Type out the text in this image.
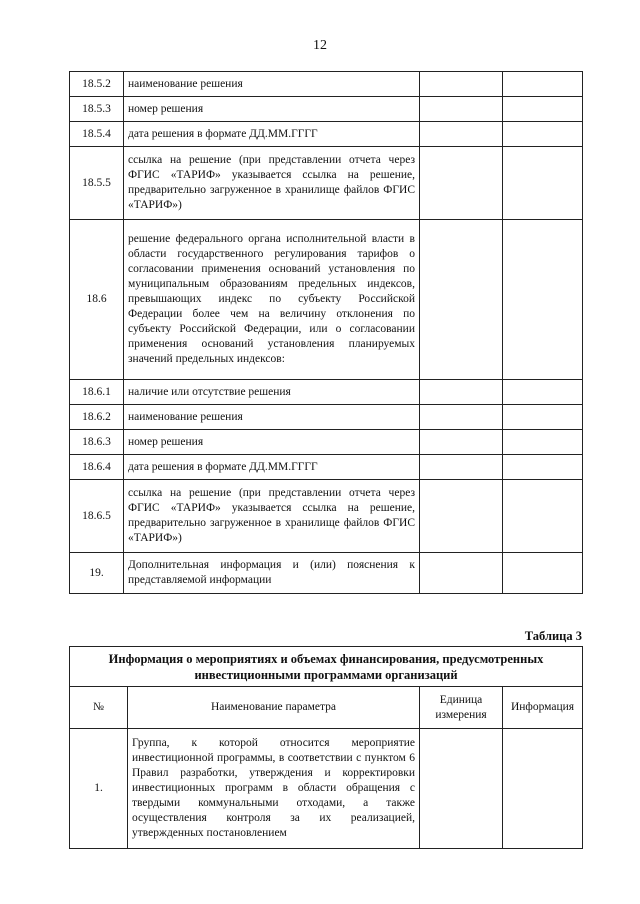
12
18.5.2	наименование решения		
18.5.3	номер решения		
18.5.4	дата решения в формате ДД.ММ.ГГГГ		
18.5.5	ссылка на решение (при представлении отчета через ФГИС «ТАРИФ» указывается ссылка на решение, предварительно загруженное в хранилище файлов ФГИС «ТАРИФ»)		
18.6	решение федерального органа исполнительной власти в области государственного регулирования тарифов о согласовании применения оснований установления по муниципальным образованиям предельных индексов, превышающих индекс по субъекту Российской Федерации более чем на величину отклонения по субъекту Российской Федерации, или о согласовании применения оснований установления планируемых значений предельных индексов:		
18.6.1	наличие или отсутствие решения		
18.6.2	наименование решения		
18.6.3	номер решения		
18.6.4	дата решения в формате ДД.ММ.ГГГГ		
18.6.5	ссылка на решение (при представлении отчета через ФГИС «ТАРИФ» указывается ссылка на решение, предварительно загруженное в хранилище файлов ФГИС «ТАРИФ»)		
19.	Дополнительная информация и (или) пояснения к представляемой информации		
Таблица 3
Информация о мероприятиях и объемах финансирования, предусмотренных инвестиционными программами организаций			
№	Наименование параметра	Единица измерения	Информация
1.	Группа, к которой относится мероприятие инвестиционной программы, в соответствии с пунктом 6 Правил разработки, утверждения и корректировки инвестиционных программ в области обращения с твердыми коммунальными отходами, а также осуществления контроля за их реализацией, утвержденных постановлением		
